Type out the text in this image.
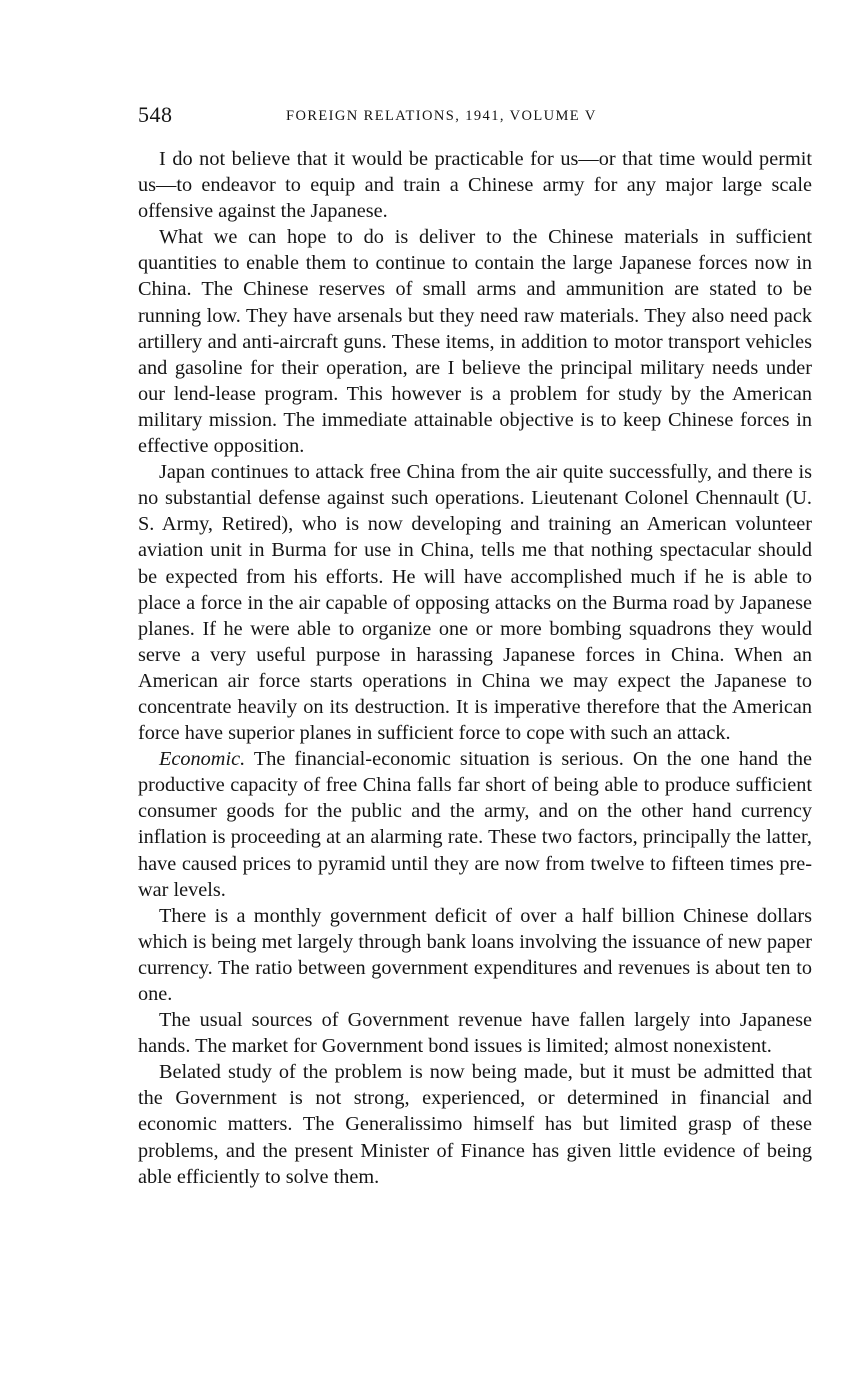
548	FOREIGN RELATIONS, 1941, VOLUME V

I do not believe that it would be practicable for us—or that time would permit us—to endeavor to equip and train a Chinese army for any major large scale offensive against the Japanese.

What we can hope to do is deliver to the Chinese materials in sufficient quantities to enable them to continue to contain the large Japanese forces now in China. The Chinese reserves of small arms and ammunition are stated to be running low. They have arsenals but they need raw materials. They also need pack artillery and anti-aircraft guns. These items, in addition to motor transport vehicles and gasoline for their operation, are I believe the principal military needs under our lend-lease program. This however is a problem for study by the American military mission. The immediate attainable objective is to keep Chinese forces in effective opposition.

Japan continues to attack free China from the air quite successfully, and there is no substantial defense against such operations. Lieutenant Colonel Chennault (U. S. Army, Retired), who is now developing and training an American volunteer aviation unit in Burma for use in China, tells me that nothing spectacular should be expected from his efforts. He will have accomplished much if he is able to place a force in the air capable of opposing attacks on the Burma road by Japanese planes. If he were able to organize one or more bombing squadrons they would serve a very useful purpose in harassing Japanese forces in China. When an American air force starts operations in China we may expect the Japanese to concentrate heavily on its destruction. It is imperative therefore that the American force have superior planes in sufficient force to cope with such an attack.

Economic. The financial-economic situation is serious. On the one hand the productive capacity of free China falls far short of being able to produce sufficient consumer goods for the public and the army, and on the other hand currency inflation is proceeding at an alarming rate. These two factors, principally the latter, have caused prices to pyramid until they are now from twelve to fifteen times pre-war levels.

There is a monthly government deficit of over a half billion Chinese dollars which is being met largely through bank loans involving the issuance of new paper currency. The ratio between government expenditures and revenues is about ten to one.

The usual sources of Government revenue have fallen largely into Japanese hands. The market for Government bond issues is limited; almost nonexistent.

Belated study of the problem is now being made, but it must be admitted that the Government is not strong, experienced, or determined in financial and economic matters. The Generalissimo himself has but limited grasp of these problems, and the present Minister of Finance has given little evidence of being able efficiently to solve them.
